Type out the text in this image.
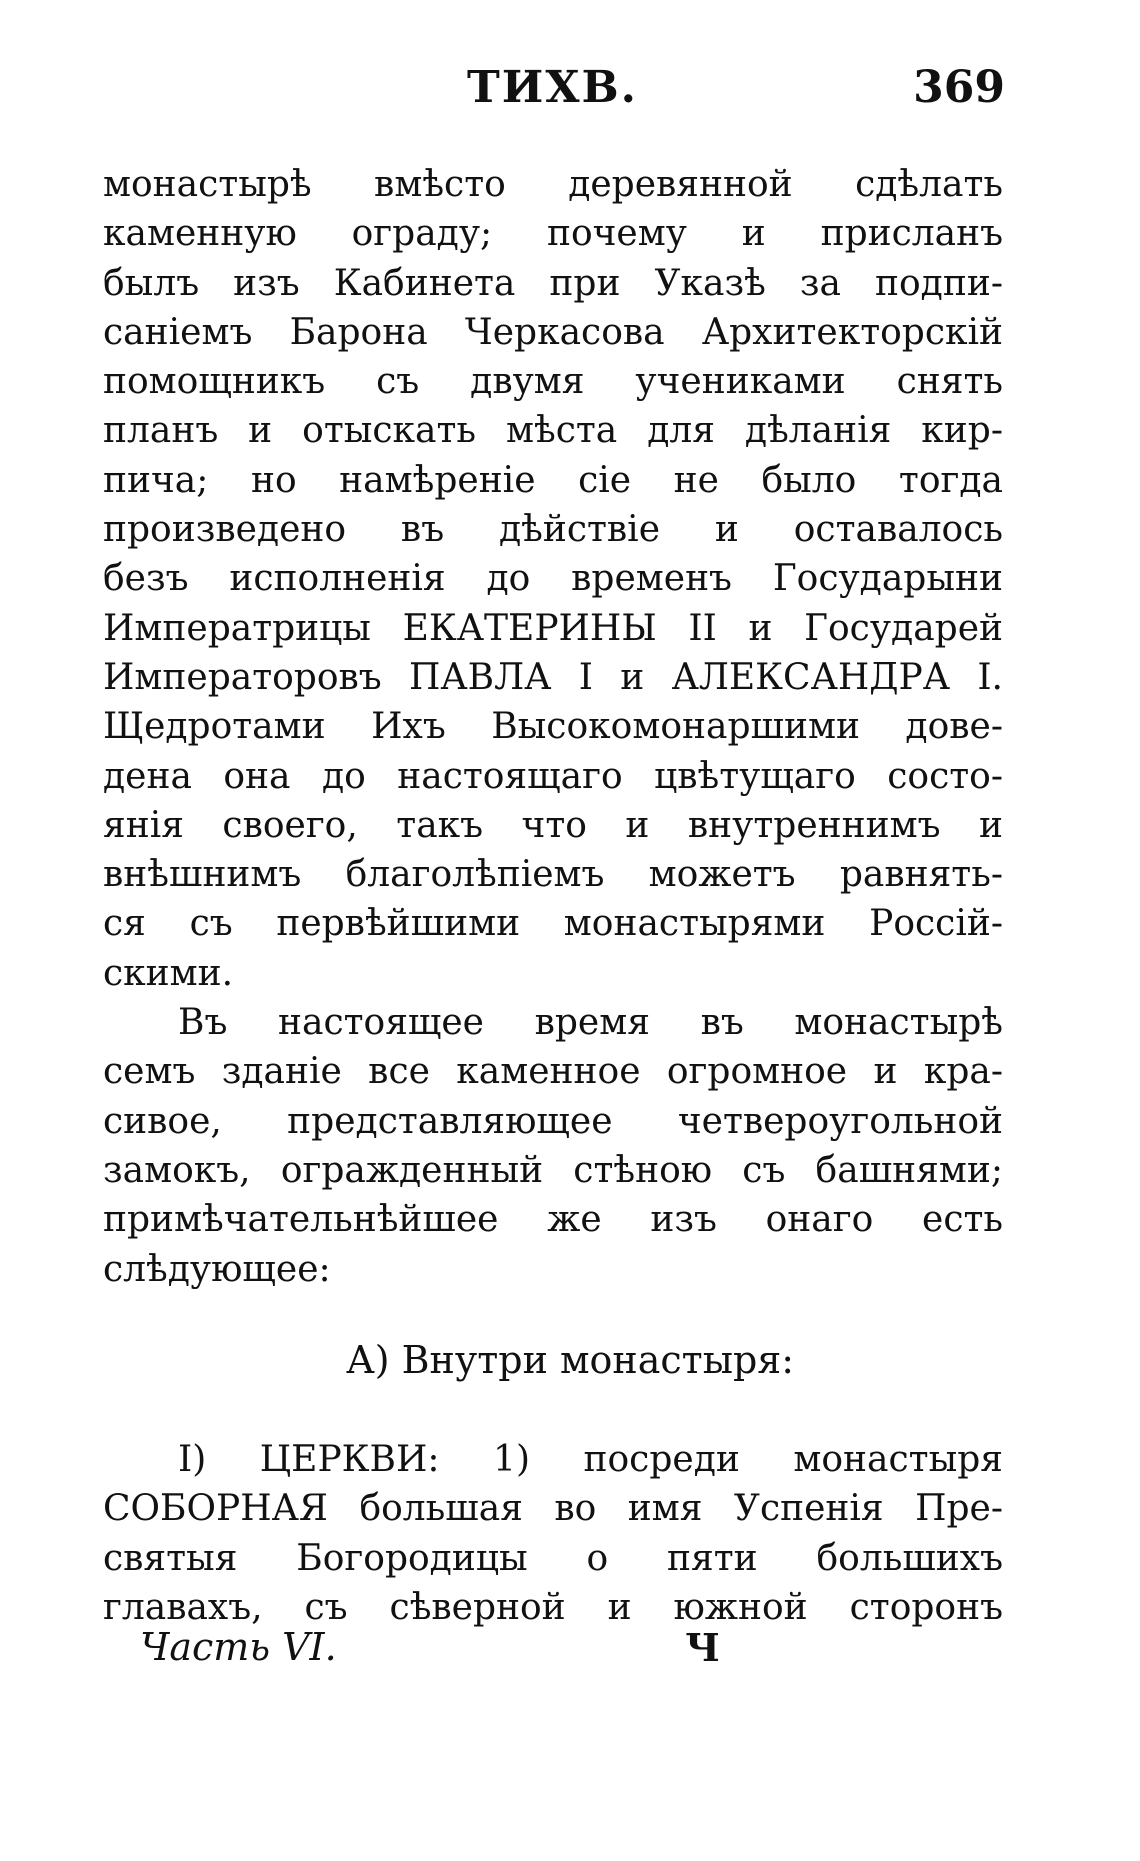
ТИХВ.	369
монастырѣ вмѣсто деревянной сдѣлать
каменную ограду; почему и присланъ
былъ изъ Кабинета при Указѣ за подпи-
саніемъ Барона Черкасова Архитекторскій
помощникъ съ двумя учениками снять
планъ и отыскать мѣста для дѣланія кир-
пича; но намѣреніе сіе не было тогда
произведено въ дѣйствіе и оставалось
безъ исполненія до временъ Государыни
Императрицы ЕКАТЕРИНЫ II и Государей
Императоровъ ПАВЛА I и АЛЕКСАНДРА I.
Щедротами Ихъ Высокомонаршими дове-
дена она до настоящаго цвѣтущаго состо-
янія своего, такъ что и внутреннимъ и
внѣшнимъ благолѣпіемъ можетъ равнять-
ся съ первѣйшими монастырями Россій-
скими.
Въ настоящее время въ монастырѣ
семъ зданіе все каменное огромное и кра-
сивое, представляющее четвероугольной
замокъ, огражденный стѣною съ башнями;
примѣчательнѣйшее же изъ онаго есть
слѣдующее:
А) Внутри монастыря:
I) ЦЕРКВИ: 1) посреди монастыря
СОБОРНАЯ большая во имя Успенія Пре-
святыя Богородицы о пяти большихъ
главахъ, съ сѣверной и южной сторонъ
Часть VI.	Ч
